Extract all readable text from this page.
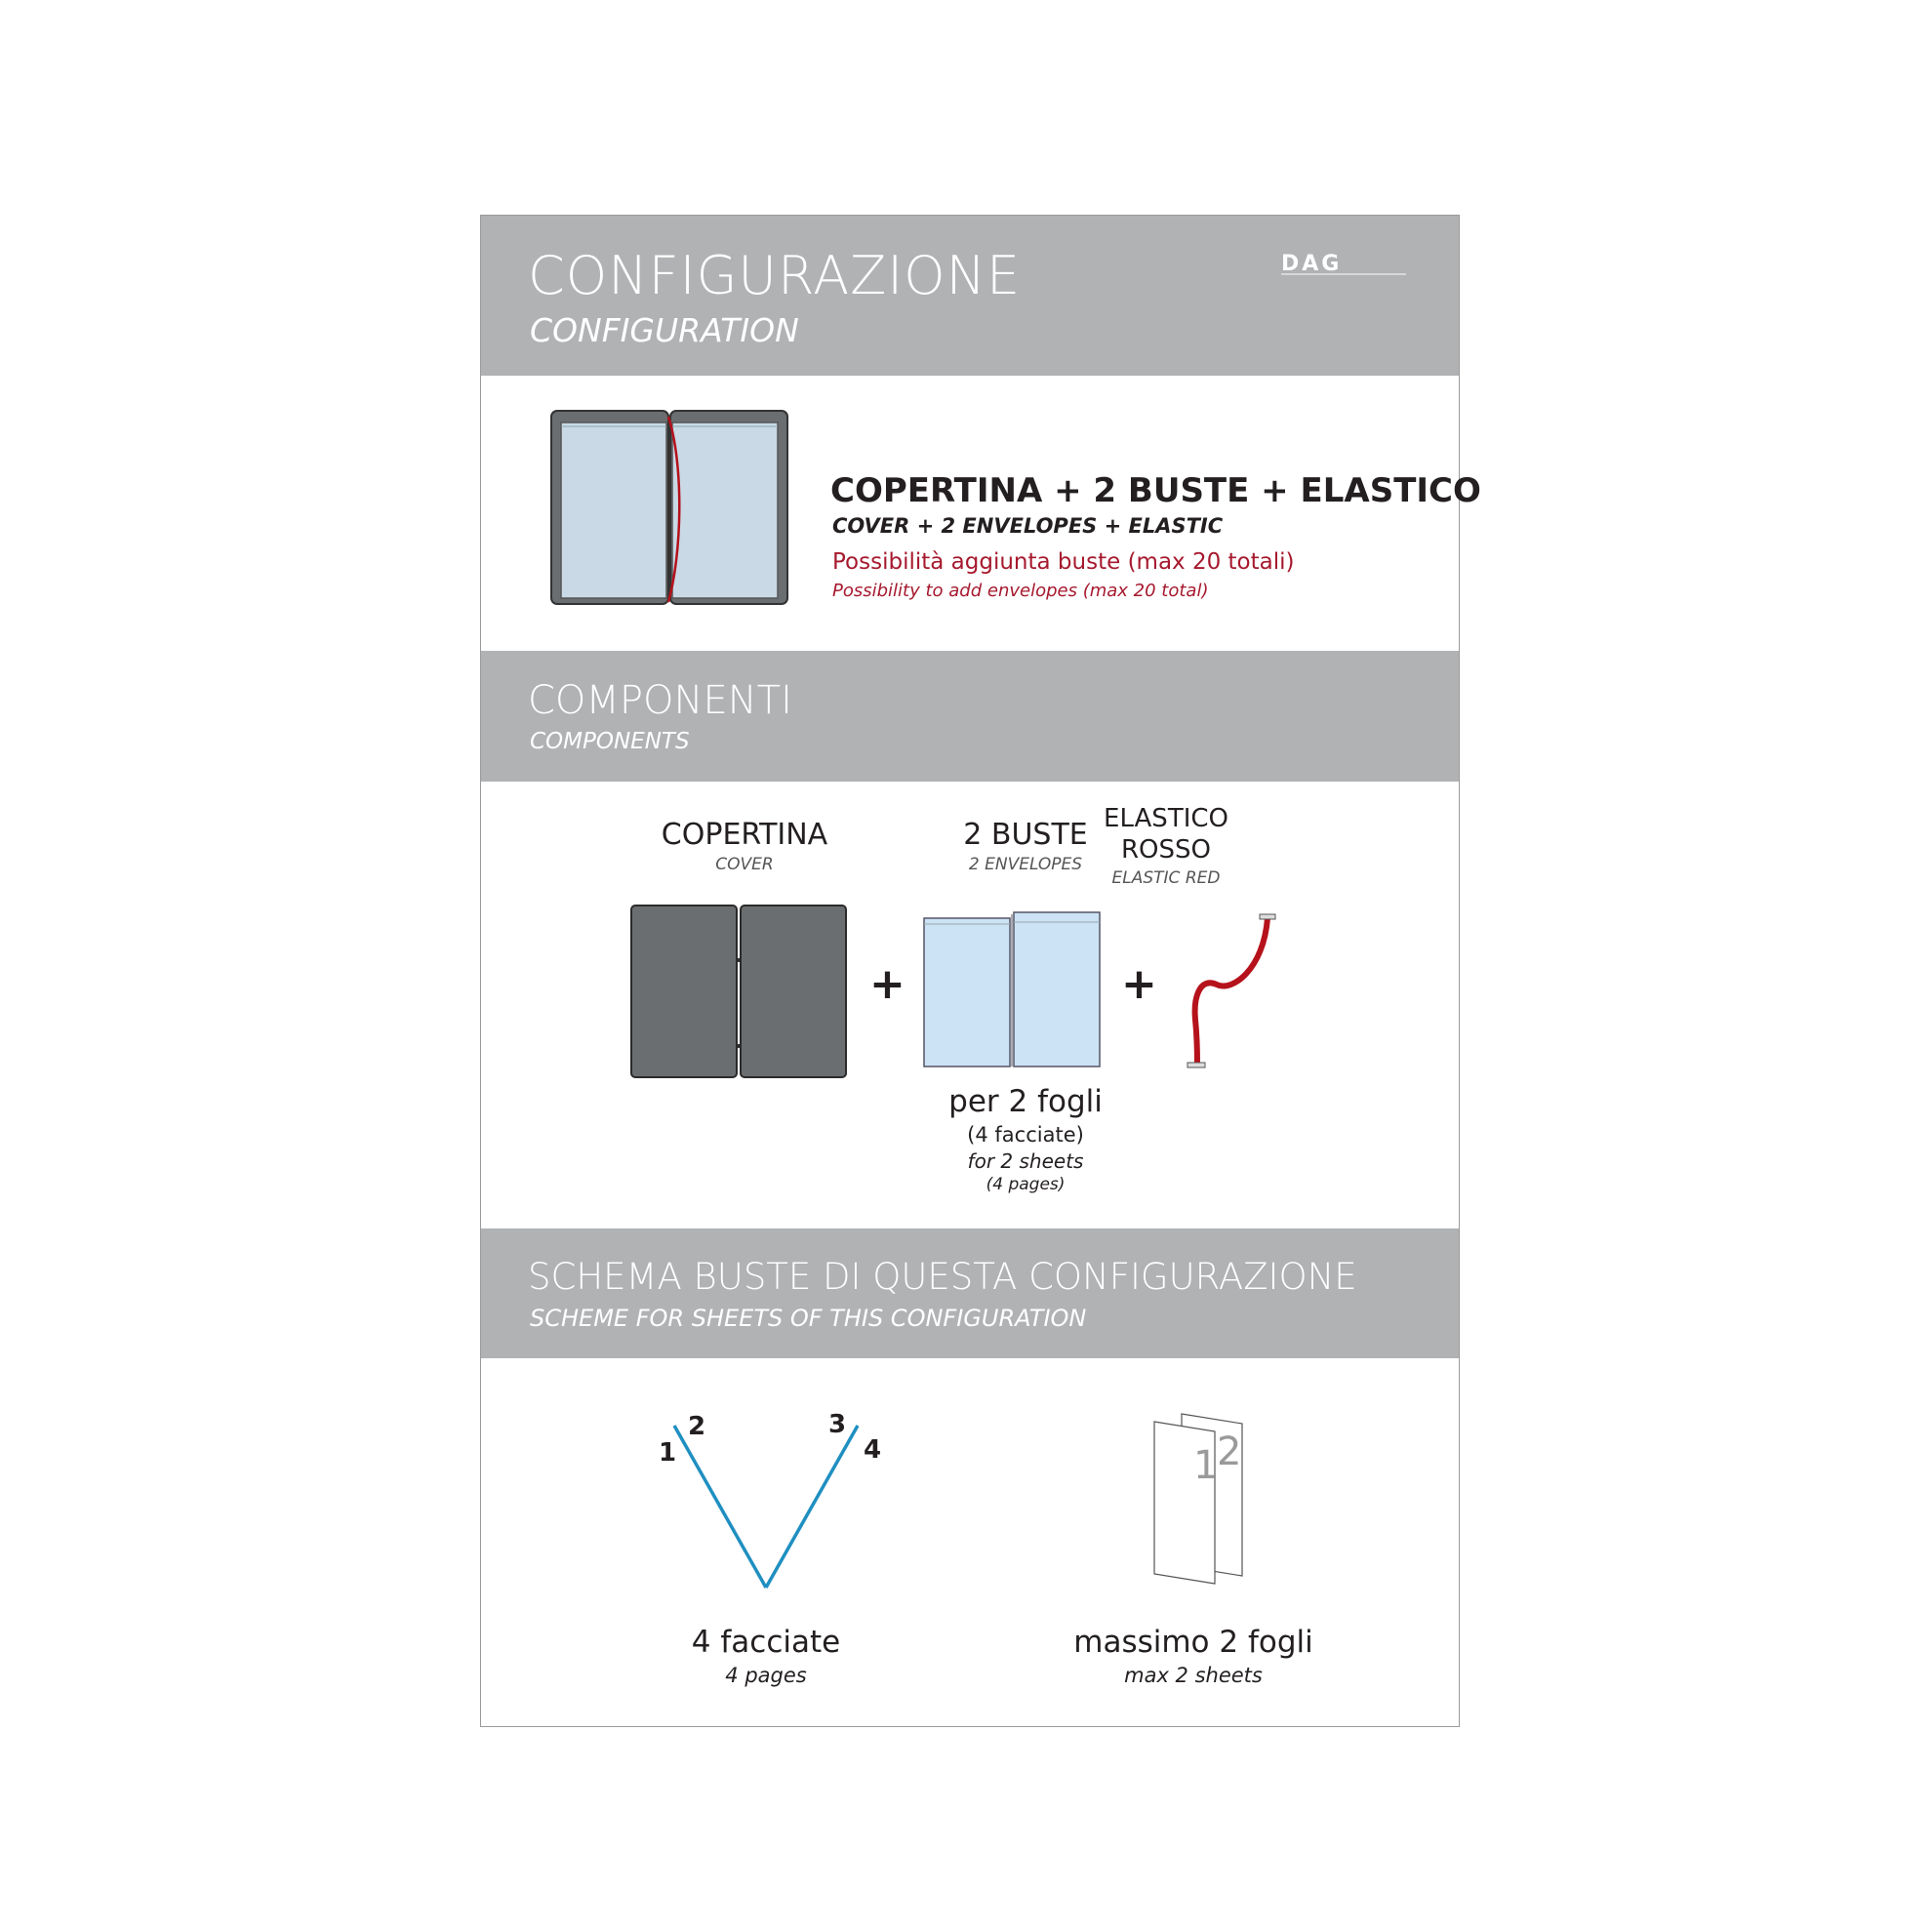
CONFIGURAZIONE
CONFIGURATION
DAG
COPERTINA + 2 BUSTE + ELASTICO
COVER + 2 ENVELOPES + ELASTIC
Possibilità aggiunta buste (max 20 totali)
Possibility to add envelopes (max 20 total)
COMPONENTI
COMPONENTS
COPERTINA
COVER
2 BUSTE
2 ENVELOPES
ELASTICO
ROSSO
ELASTIC RED
+	+
per 2 fogli
(4 facciate)
for 2 sheets
(4 pages)
SCHEMA BUSTE DI QUESTA CONFIGURAZIONE
SCHEME FOR SHEETS OF THIS CONFIGURATION
1
2	3
4
4 facciate
4 pages
1
2
massimo 2 fogli
max 2 sheets
